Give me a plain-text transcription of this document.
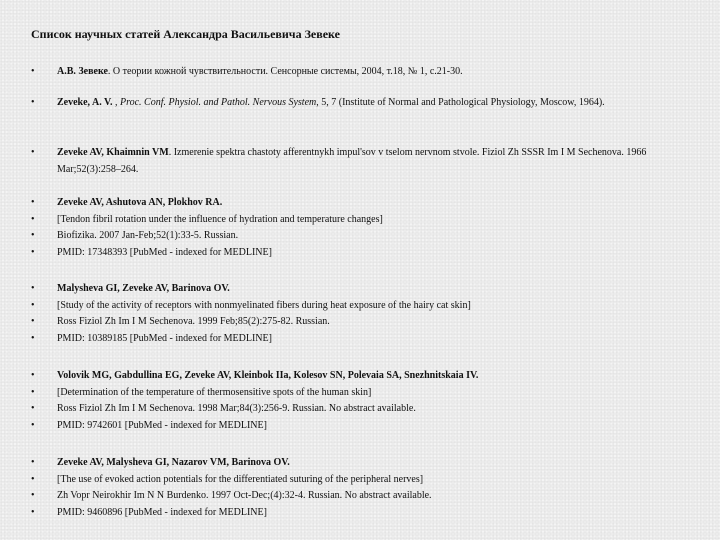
Список научных статей Александра Васильевича Зевеке
• А.В. Зевеке. О теории кожной чувствительности. Сенсорные системы, 2004, т.18, № 1, с.21-30.
• Zeveke, A. V. , Proc. Conf. Physiol. and Pathol. Nervous System, 5, 7 (Institute of Normal and Pathological Physiology, Moscow, 1964).
• Zeveke AV, Khaimnin VM. Izmerenie spektra chastoty afferentnykh impul'sov v tselom nervnom stvole. Fiziol Zh SSSR Im I M Sechenova. 1966 Mar;52(3):258–264.
• Zeveke AV, Ashutova AN, Plokhov RA.
• [Tendon fibril rotation under the influence of hydration and temperature changes]
• Biofizika. 2007 Jan-Feb;52(1):33-5. Russian.
• PMID: 17348393 [PubMed - indexed for MEDLINE]
• Malysheva GI, Zeveke AV, Barinova OV.
• [Study of the activity of receptors with nonmyelinated fibers during heat exposure of the hairy cat skin]
• Ross Fiziol Zh Im I M Sechenova. 1999 Feb;85(2):275-82. Russian.
• PMID: 10389185 [PubMed - indexed for MEDLINE]
• Volovik MG, Gabdullina EG, Zeveke AV, Kleinbok IIa, Kolesov SN, Polevaia SA, Snezhnitskaia IV.
• [Determination of the temperature of thermosensitive spots of the human skin]
• Ross Fiziol Zh Im I M Sechenova. 1998 Mar;84(3):256-9. Russian. No abstract available.
• PMID: 9742601 [PubMed - indexed for MEDLINE]
• Zeveke AV, Malysheva GI, Nazarov VM, Barinova OV.
• [The use of evoked action potentials for the differentiated suturing of the peripheral nerves]
• Zh Vopr Neirokhir Im N N Burdenko. 1997 Oct-Dec;(4):32-4. Russian. No abstract available.
• PMID: 9460896 [PubMed - indexed for MEDLINE]
